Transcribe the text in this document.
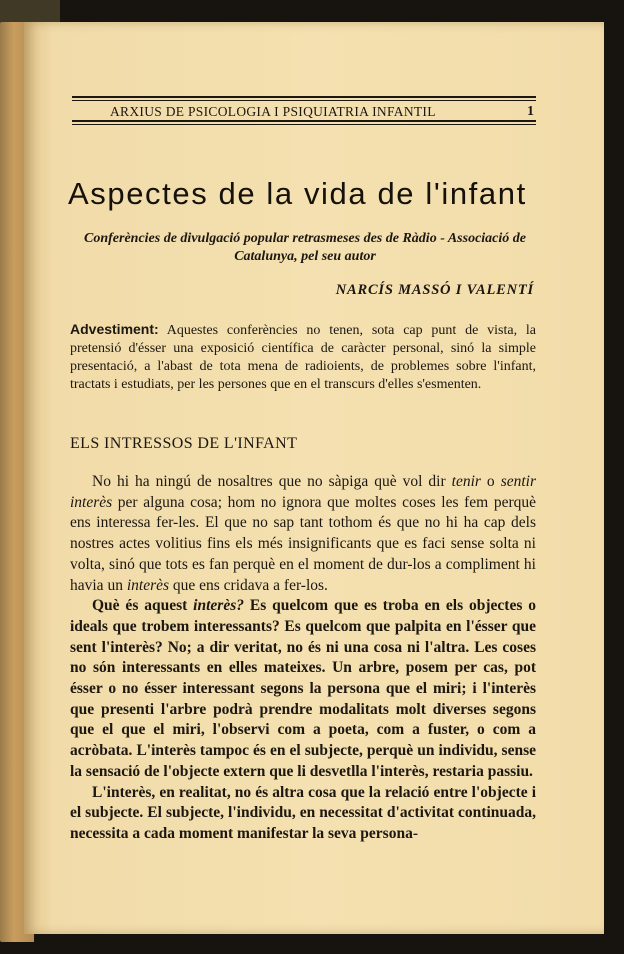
ARXIUS DE PSICOLOGIA I PSIQUIATRIA INFANTIL	1
Aspectes de la vida de l'infant
Conferències de divulgació popular retrasmeses des de Ràdio - Associació de Catalunya, pel seu autor
NARCÍS MASSÓ I VALENTÍ
Advestiment: Aquestes conferències no tenen, sota cap punt de vista, la pretensió d'ésser una exposició científica de caràcter personal, sinó la simple presentació, a l'abast de tota mena de radioients, de problemes sobre l'infant, tractats i estudiats, per les persones que en el transcurs d'elles s'esmenten.
ELS INTRESSOS DE L'INFANT

No hi ha ningú de nosaltres que no sàpiga què vol dir tenir o sentir interès per alguna cosa; hom no ignora que moltes coses les fem perquè ens interessa fer-les. El que no sap tant tothom és que no hi ha cap dels nostres actes volitius fins els més insignificants que es faci sense solta ni volta, sinó que tots es fan perquè en el moment de dur-los a compliment hi havia un interès que ens cridava a fer-los.

Què és aquest interès? Es quelcom que es troba en els objectes o ideals que trobem interessants? Es quelcom que palpita en l'ésser que sent l'interès? No; a dir veritat, no és ni una cosa ni l'altra. Les coses no són interessants en elles mateixes. Un arbre, posem per cas, pot ésser o no ésser interessant segons la persona que el miri; i l'interès que presenti l'arbre podrà prendre modalitats molt diverses segons que el que el miri, l'observi com a poeta, com a fuster, o com a acròbata. L'interès tampoc és en el subjecte, perquè un individu, sense la sensació de l'objecte extern que li desvetlla l'interès, restaria passiu.

L'interès, en realitat, no és altra cosa que la relació entre l'objecte i el subjecte. El subjecte, l'individu, en necessitat d'activitat continuada, necessita a cada moment manifestar la seva persona-
